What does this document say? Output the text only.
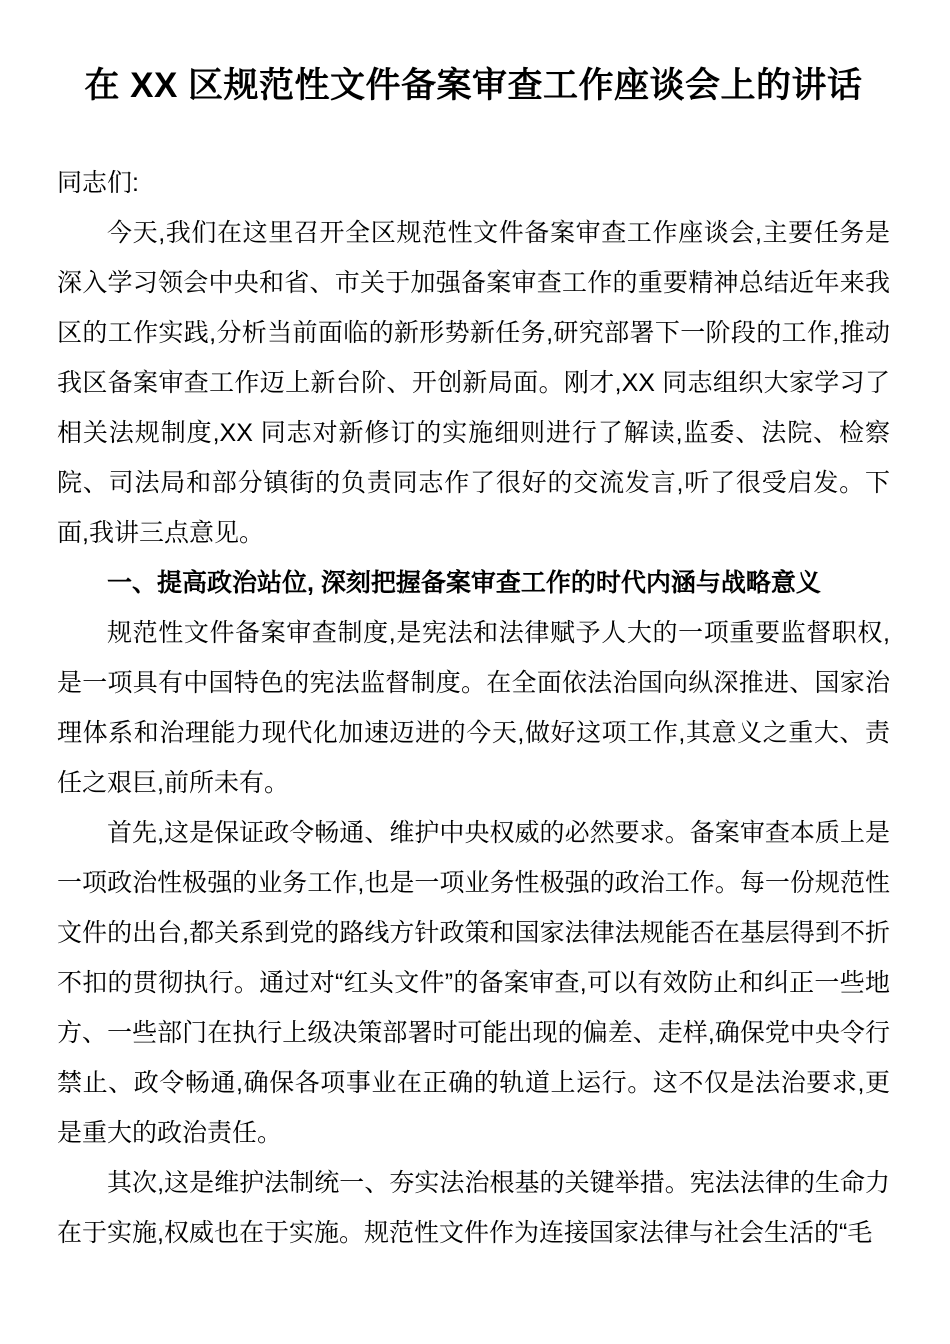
在 XX 区规范性文件备案审查工作座谈会上的讲话

同志们:

今天,我们在这里召开全区规范性文件备案审查工作座谈会,主要任务是深入学习领会中央和省、市关于加强备案审查工作的重要精神总结近年来我区的工作实践,分析当前面临的新形势新任务,研究部署下一阶段的工作,推动我区备案审查工作迈上新台阶、开创新局面。刚才,XX 同志组织大家学习了相关法规制度,XX 同志对新修订的实施细则进行了解读,监委、法院、检察院、司法局和部分镇街的负责同志作了很好的交流发言,听了很受启发。下面,我讲三点意见。

一、提高政治站位, 深刻把握备案审查工作的时代内涵与战略意义

规范性文件备案审查制度,是宪法和法律赋予人大的一项重要监督职权,是一项具有中国特色的宪法监督制度。在全面依法治国向纵深推进、国家治理体系和治理能力现代化加速迈进的今天,做好这项工作,其意义之重大、责任之艰巨,前所未有。

首先,这是保证政令畅通、维护中央权威的必然要求。备案审查本质上是一项政治性极强的业务工作,也是一项业务性极强的政治工作。每一份规范性文件的出台,都关系到党的路线方针政策和国家法律法规能否在基层得到不折不扣的贯彻执行。通过对“红头文件”的备案审查,可以有效防止和纠正一些地方、一些部门在执行上级决策部署时可能出现的偏差、走样,确保党中央令行禁止、政令畅通,确保各项事业在正确的轨道上运行。这不仅是法治要求,更是重大的政治责任。

其次,这是维护法制统一、夯实法治根基的关键举措。宪法法律的生命力在于实施,权威也在于实施。规范性文件作为连接国家法律与社会生活的“毛
